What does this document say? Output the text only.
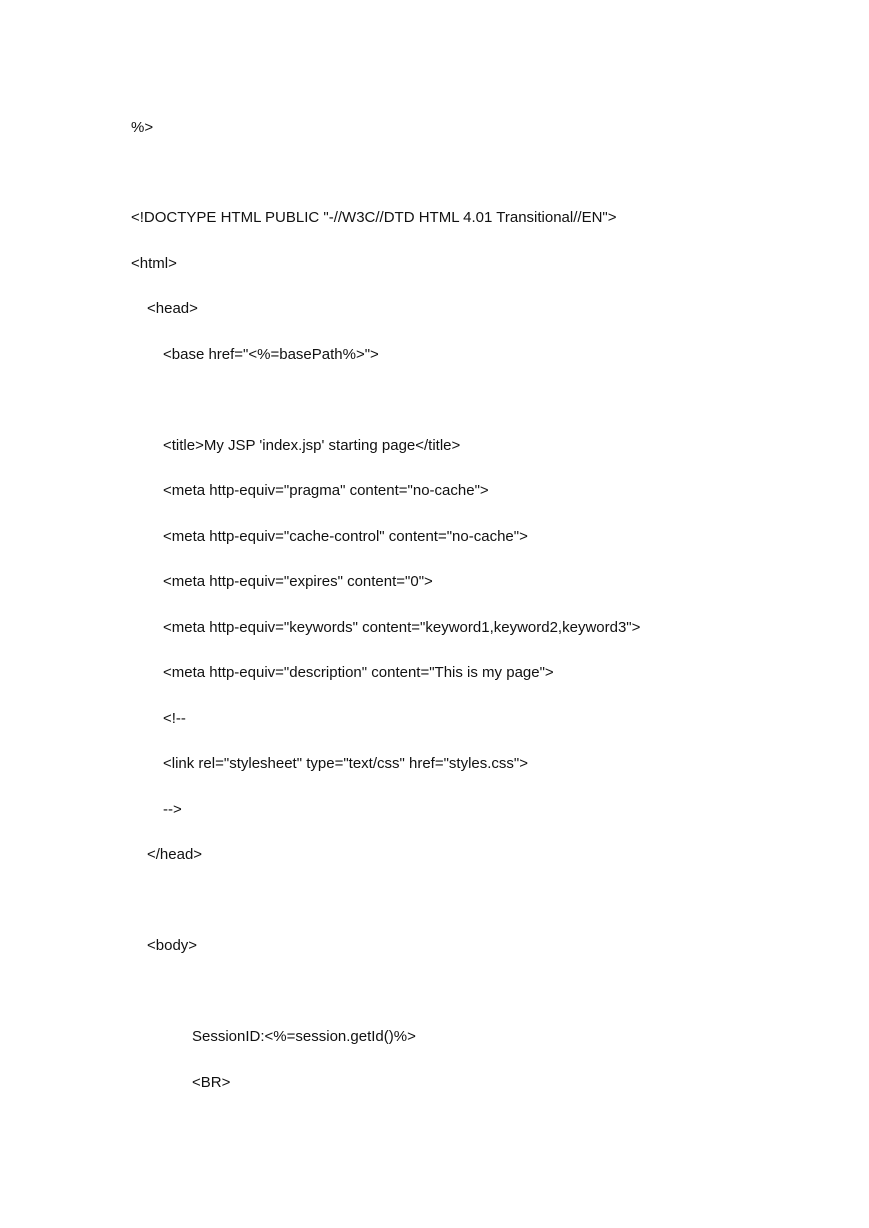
%>
<!DOCTYPE HTML PUBLIC "-//W3C//DTD HTML 4.01 Transitional//EN">
<html>
<head>
<base href="<%=basePath%>">
<title>My JSP 'index.jsp' starting page</title>
<meta http-equiv="pragma" content="no-cache">
<meta http-equiv="cache-control" content="no-cache">
<meta http-equiv="expires" content="0">
<meta http-equiv="keywords" content="keyword1,keyword2,keyword3">
<meta http-equiv="description" content="This is my page">
<!--
<link rel="stylesheet" type="text/css" href="styles.css">
-->
</head>
<body>
SessionID:<%=session.getId()%>
<BR>
